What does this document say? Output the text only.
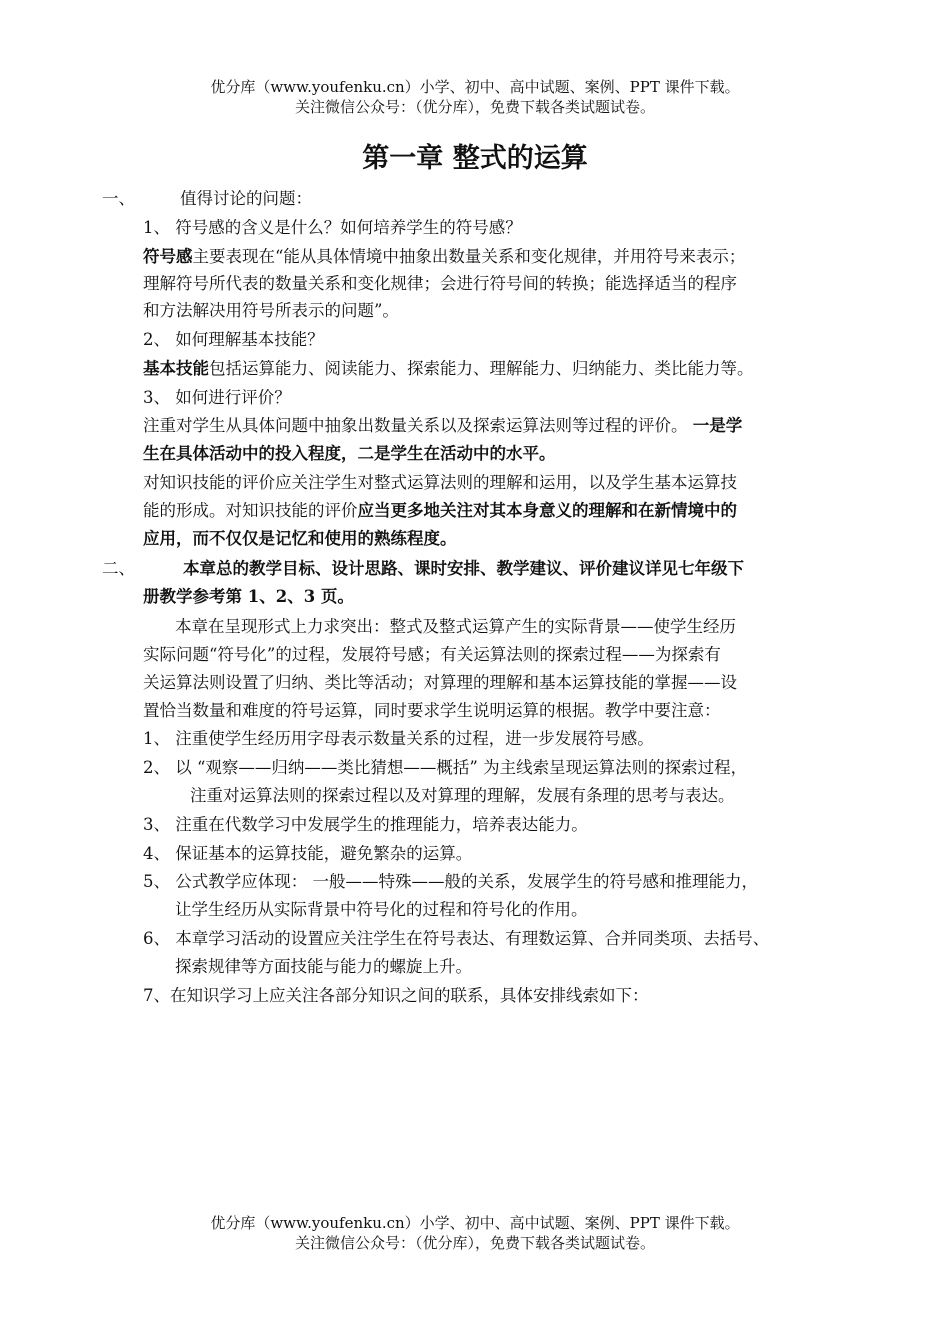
优分库（www.youfenku.cn）小学、初中、高中试题、案例、PPT 课件下载。
关注微信公众号：（优分库），免费下载各类试题试卷。
第一章 整式的运算
一、	值得讨论的问题：
1、 符号感的含义是什么？如何培养学生的符号感？
符号感主要表现在“能从具体情境中抽象出数量关系和变化规律，并用符号来表示；
理解符号所代表的数量关系和变化规律；会进行符号间的转换；能选择适当的程序
和方法解决用符号所表示的问题”。
2、 如何理解基本技能？
基本技能包括运算能力、阅读能力、探索能力、理解能力、归纳能力、类比能力等。
3、 如何进行评价？
注重对学生从具体问题中抽象出数量关系以及探索运算法则等过程的评价。 一是学
生在具体活动中的投入程度，二是学生在活动中的水平。
对知识技能的评价应关注学生对整式运算法则的理解和运用，以及学生基本运算技
能的形成。对知识技能的评价应当更多地关注对其本身意义的理解和在新情境中的
应用，而不仅仅是记忆和使用的熟练程度。
二、	本章总的教学目标、设计思路、课时安排、教学建议、评价建议详见七年级下
册教学参考第 1、2、3 页。
本章在呈现形式上力求突出：整式及整式运算产生的实际背景——使学生经历
实际问题“符号化”的过程，发展符号感；有关运算法则的探索过程——为探索有
关运算法则设置了归纳、类比等活动；对算理的理解和基本运算技能的掌握——设
置恰当数量和难度的符号运算，同时要求学生说明运算的根据。教学中要注意：
1、 注重使学生经历用字母表示数量关系的过程，进一步发展符号感。
2、 以 “观察——归纳——类比猜想——概括” 为主线索呈现运算法则的探索过程，
注重对运算法则的探索过程以及对算理的理解，发展有条理的思考与表达。
3、 注重在代数学习中发展学生的推理能力，培养表达能力。
4、 保证基本的运算技能，避免繁杂的运算。
5、 公式教学应体现： 一般——特殊——般的关系，发展学生的符号感和推理能力，
让学生经历从实际背景中符号化的过程和符号化的作用。
6、 本章学习活动的设置应关注学生在符号表达、有理数运算、合并同类项、去括号、
探索规律等方面技能与能力的螺旋上升。
7、在知识学习上应关注各部分知识之间的联系，具体安排线索如下：
优分库（www.youfenku.cn）小学、初中、高中试题、案例、PPT 课件下载。
关注微信公众号：（优分库），免费下载各类试题试卷。
